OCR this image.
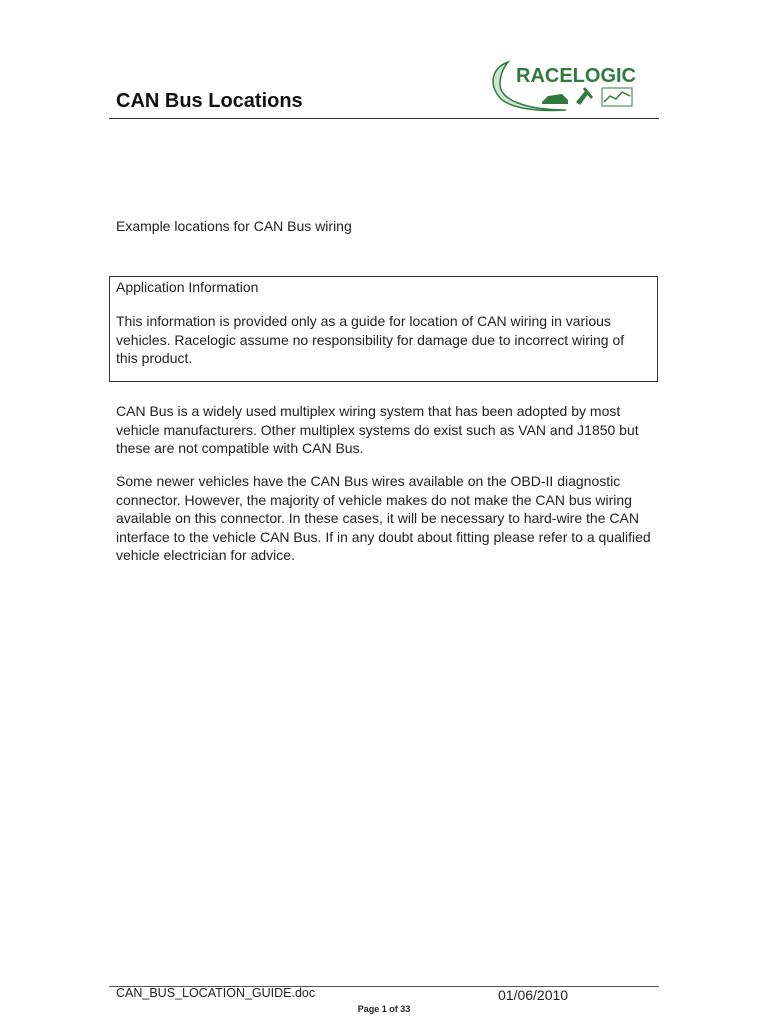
CAN Bus Locations
RACELOGIC
Example locations for CAN Bus wiring
Application Information
This information is provided only as a guide for location of CAN wiring in various vehicles. Racelogic assume no responsibility for damage due to incorrect wiring of this product.
CAN Bus is a widely used multiplex wiring system that has been adopted by most vehicle manufacturers. Other multiplex systems do exist such as VAN and J1850 but these are not compatible with CAN Bus.
Some newer vehicles have the CAN Bus wires available on the OBD-II diagnostic connector. However, the majority of vehicle makes do not make the CAN bus wiring available on this connector. In these cases, it will be necessary to hard-wire the CAN interface to the vehicle CAN Bus. If in any doubt about fitting please refer to a qualified vehicle electrician for advice.
CAN_BUS_LOCATION_GUIDE.doc	01/06/2010
Page 1 of 33
